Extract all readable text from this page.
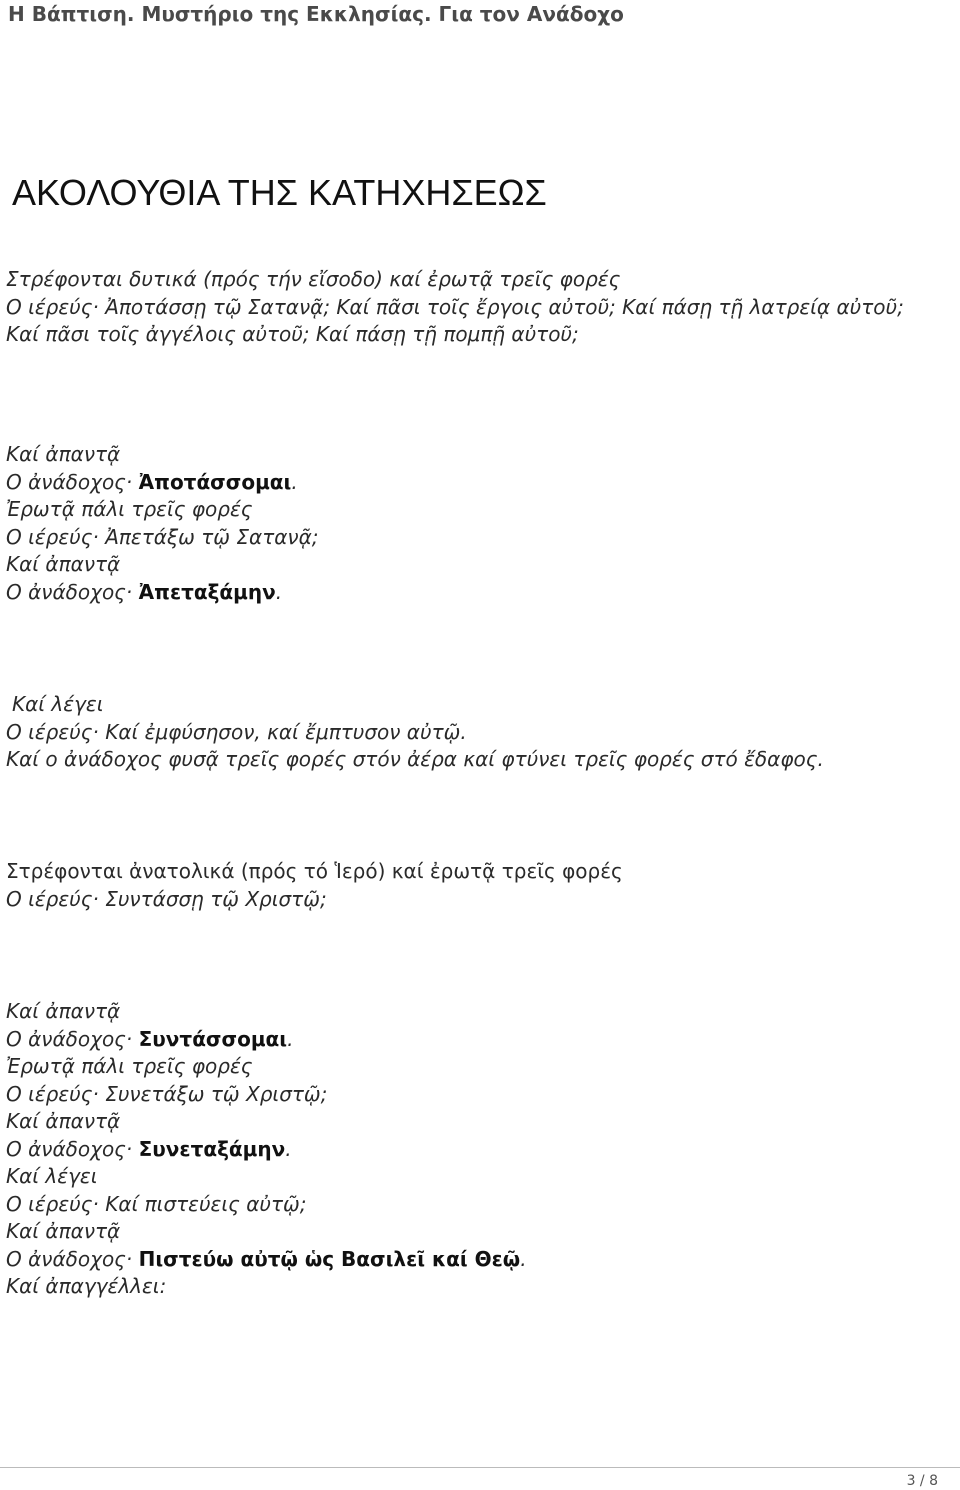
Η Βάπτιση. Μυστήριο της Εκκλησίας. Για τον Ανάδοχο
ΑΚΟΛΟΥΘΙΑ ΤΗΣ ΚΑΤΗΧΗΣΕΩΣ
Στρέφονται δυτικά (πρός τήν εἴσοδο) καί ἐρωτᾷ τρεῖς φορές
Ο ιέρεύς· Ἀποτάσσῃ τῷ Σατανᾷ; Καί πᾶσι τοῖς ἔργοις αὐτοῦ; Καί πάσῃ τῇ λατρείᾳ αὐτοῦ;
Καί πᾶσι τοῖς ἀγγέλοις αὐτοῦ; Καί πάσῃ τῇ πομπῇ αὐτοῦ;
Καί ἀπαντᾷ
Ο ἀνάδοχος· Ἀποτάσσομαι.
Ἐρωτᾷ πάλι τρεῖς φορές
Ο ιέρεύς· Ἀπετάξω τῷ Σατανᾷ;
Καί ἀπαντᾷ
Ο ἀνάδοχος· Ἀπεταξάμην.
Καί λέγει
Ο ιέρεύς· Καί ἐμφύσησον, καί ἔμπτυσον αὐτῷ.
Καί ο ἀνάδοχος φυσᾷ τρεῖς φορές στόν ἀέρα καί φτύνει τρεῖς φορές στό ἔδαφος.
Στρέφονται ἀνατολικά (πρός τό Ἱερό) καί ἐρωτᾷ τρεῖς φορές
Ο ιέρεύς· Συντάσσῃ τῷ Χριστῷ;
Καί ἀπαντᾷ
Ο ἀνάδοχος· Συντάσσομαι.
Ἐρωτᾷ πάλι τρεῖς φορές
Ο ιέρεύς· Συνετάξω τῷ Χριστῷ;
Καί ἀπαντᾷ
Ο ἀνάδοχος· Συνεταξάμην.
Καί λέγει
Ο ιέρεύς· Καί πιστεύεις αὐτῷ;
Καί ἀπαντᾷ
Ο ἀνάδοχος· Πιστεύω αὐτῷ ὡς Βασιλεῖ καί Θεῷ.
Καί ἀπαγγέλλει:
3 / 8
